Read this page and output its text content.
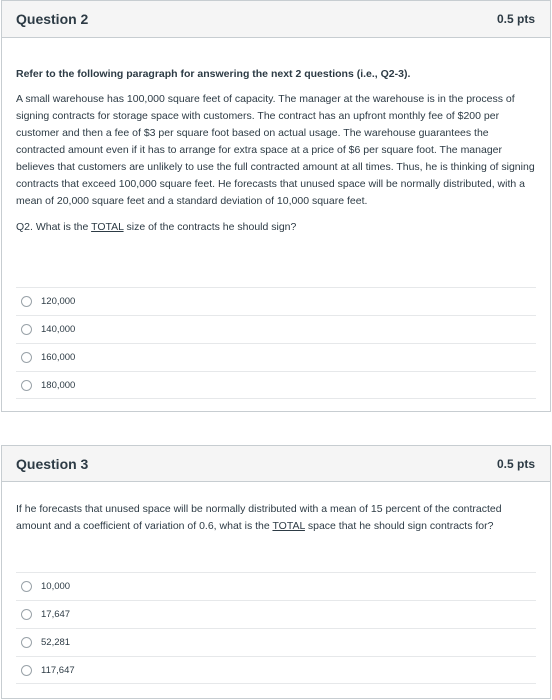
Question 2	0.5 pts

Refer to the following paragraph for answering the next 2 questions (i.e., Q2-3).

A small warehouse has 100,000 square feet of capacity. The manager at the warehouse is in the process of signing contracts for storage space with customers. The contract has an upfront monthly fee of $200 per customer and then a fee of $3 per square foot based on actual usage. The warehouse guarantees the contracted amount even if it has to arrange for extra space at a price of $6 per square foot. The manager believes that customers are unlikely to use the full contracted amount at all times. Thus, he is thinking of signing contracts that exceed 100,000 square feet. He forecasts that unused space will be normally distributed, with a mean of 20,000 square feet and a standard deviation of 10,000 square feet.

Q2. What is the TOTAL size of the contracts he should sign?

120,000
140,000
160,000
180,000
Question 3	0.5 pts

If he forecasts that unused space will be normally distributed with a mean of 15 percent of the contracted amount and a coefficient of variation of 0.6, what is the TOTAL space that he should sign contracts for?

10,000
17,647
52,281
117,647
